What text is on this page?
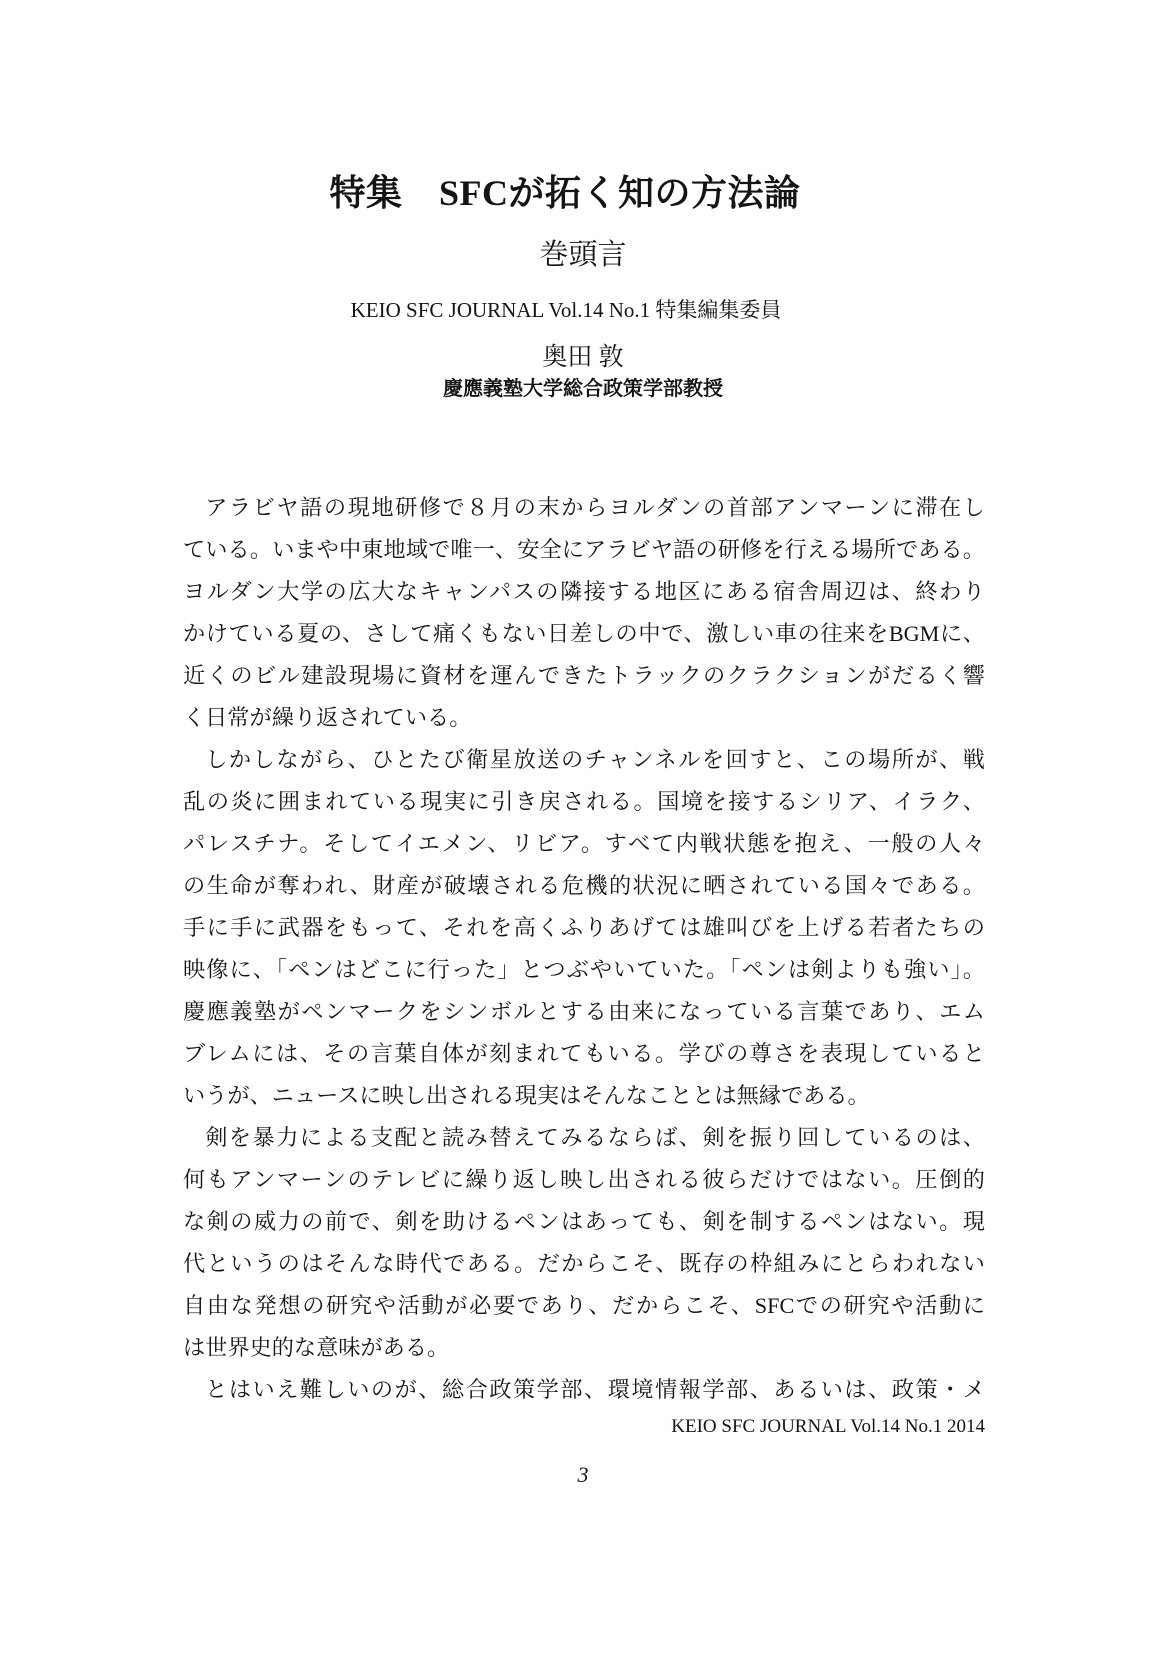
特集　SFCが拓く知の方法論
巻頭言
KEIO SFC JOURNAL Vol.14 No.1 特集編集委員
奥田 敦
慶應義塾大学総合政策学部教授
アラビヤ語の現地研修で８月の末からヨルダンの首部アンマーンに滞在し
ている。いまや中東地域で唯一、安全にアラビヤ語の研修を行える場所である。
ヨルダン大学の広大なキャンパスの隣接する地区にある宿舎周辺は、終わり
かけている夏の、さして痛くもない日差しの中で、激しい車の往来をBGMに、
近くのビル建設現場に資材を運んできたトラックのクラクションがだるく響
く日常が繰り返されている。
しかしながら、ひとたび衛星放送のチャンネルを回すと、この場所が、戦
乱の炎に囲まれている現実に引き戻される。国境を接するシリア、イラク、
パレスチナ。そしてイエメン、リビア。すべて内戦状態を抱え、一般の人々
の生命が奪われ、財産が破壊される危機的状況に晒されている国々である。
手に手に武器をもって、それを高くふりあげては雄叫びを上げる若者たちの
映像に、「ペンはどこに行った」とつぶやいていた。「ペンは剣よりも強い」。
慶應義塾がペンマークをシンボルとする由来になっている言葉であり、エム
ブレムには、その言葉自体が刻まれてもいる。学びの尊さを表現していると
いうが、ニュースに映し出される現実はそんなこととは無縁である。
剣を暴力による支配と読み替えてみるならば、剣を振り回しているのは、
何もアンマーンのテレビに繰り返し映し出される彼らだけではない。圧倒的
な剣の威力の前で、剣を助けるペンはあっても、剣を制するペンはない。現
代というのはそんな時代である。だからこそ、既存の枠組みにとらわれない
自由な発想の研究や活動が必要であり、だからこそ、SFCでの研究や活動に
は世界史的な意味がある。
とはいえ難しいのが、総合政策学部、環境情報学部、あるいは、政策・メ
KEIO SFC JOURNAL Vol.14 No.1 2014
3
